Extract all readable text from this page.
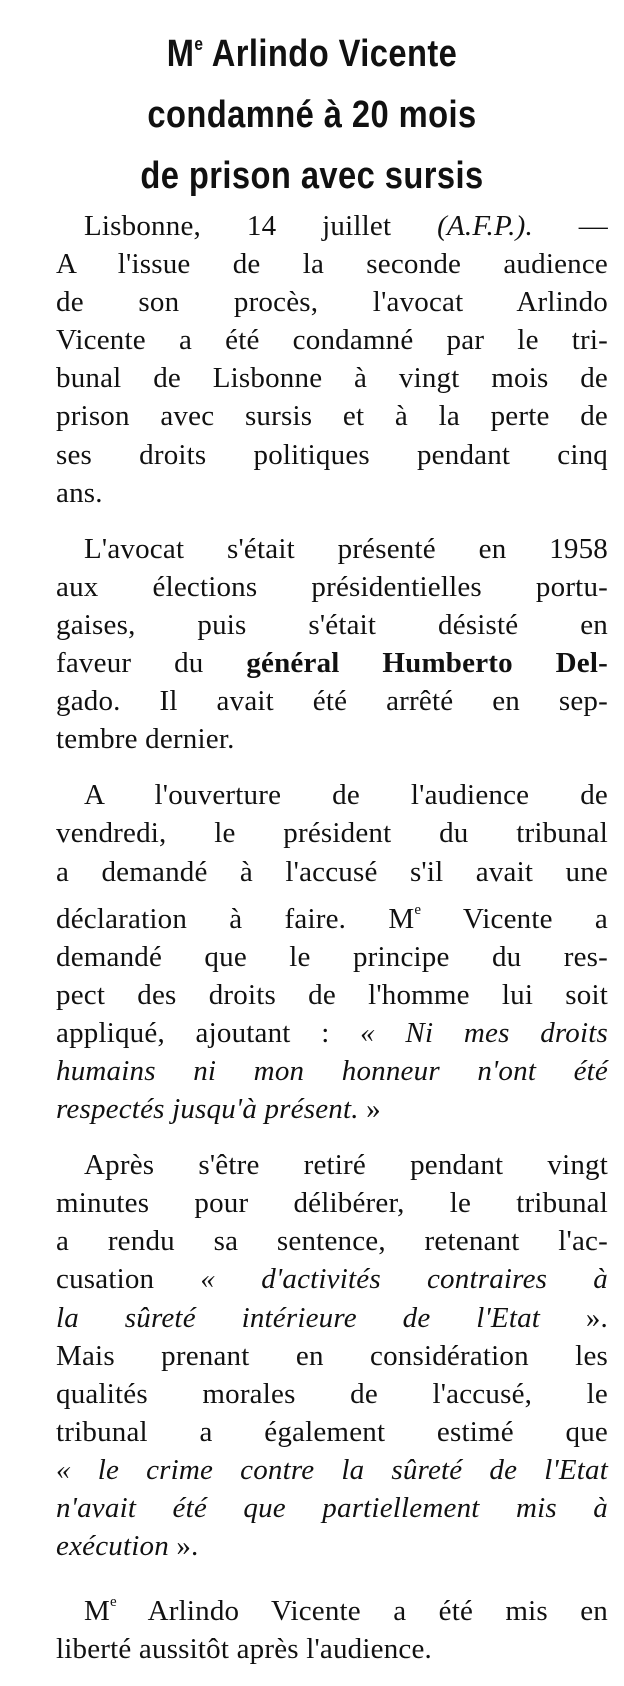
Me Arlindo Vicente
condamné à 20 mois
de prison avec sursis
Lisbonne, 14 juillet (A.F.P.). —
A l'issue de la seconde audience
de son procès, l'avocat Arlindo
Vicente a été condamné par le tri-
bunal de Lisbonne à vingt mois de
prison avec sursis et à la perte de
ses droits politiques pendant cinq
ans.
L'avocat s'était présenté en 1958
aux élections présidentielles portu-
gaises, puis s'était désisté en
faveur du général Humberto Del-
gado. Il avait été arrêté en sep-
tembre dernier.
A l'ouverture de l'audience de
vendredi, le président du tribunal
a demandé à l'accusé s'il avait une
déclaration à faire. Me Vicente a
demandé que le principe du res-
pect des droits de l'homme lui soit
appliqué, ajoutant : « Ni mes droits
humains ni mon honneur n'ont été
respectés jusqu'à présent. »
Après s'être retiré pendant vingt
minutes pour délibérer, le tribunal
a rendu sa sentence, retenant l'ac-
cusation « d'activités contraires à
la sûreté intérieure de l'Etat ».
Mais prenant en considération les
qualités morales de l'accusé, le
tribunal a également estimé que
« le crime contre la sûreté de l'Etat
n'avait été que partiellement mis à
exécution ».
Me Arlindo Vicente a été mis en
liberté aussitôt après l'audience.
